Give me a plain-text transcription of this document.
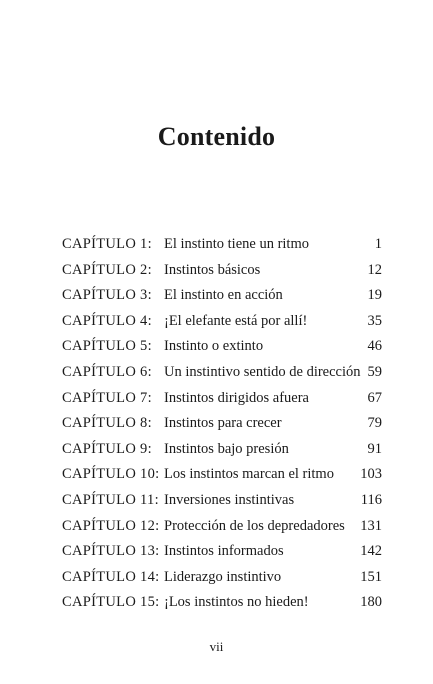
Contenido
CAPÍTULO 1: El instinto tiene un ritmo	1
CAPÍTULO 2: Instintos básicos	12
CAPÍTULO 3: El instinto en acción	19
CAPÍTULO 4: ¡El elefante está por allí!	35
CAPÍTULO 5: Instinto o extinto	46
CAPÍTULO 6: Un instintivo sentido de dirección 59
CAPÍTULO 7: Instintos dirigidos afuera	67
CAPÍTULO 8: Instintos para crecer	79
CAPÍTULO 9: Instintos bajo presión	91
CAPÍTULO 10: Los instintos marcan el ritmo 103
CAPÍTULO 11: Inversiones instintivas	116
CAPÍTULO 12: Protección de los depredadores 131
CAPÍTULO 13: Instintos informados	142
CAPÍTULO 14: Liderazgo instintivo	151
CAPÍTULO 15: ¡Los instintos no hieden!	180
vii
